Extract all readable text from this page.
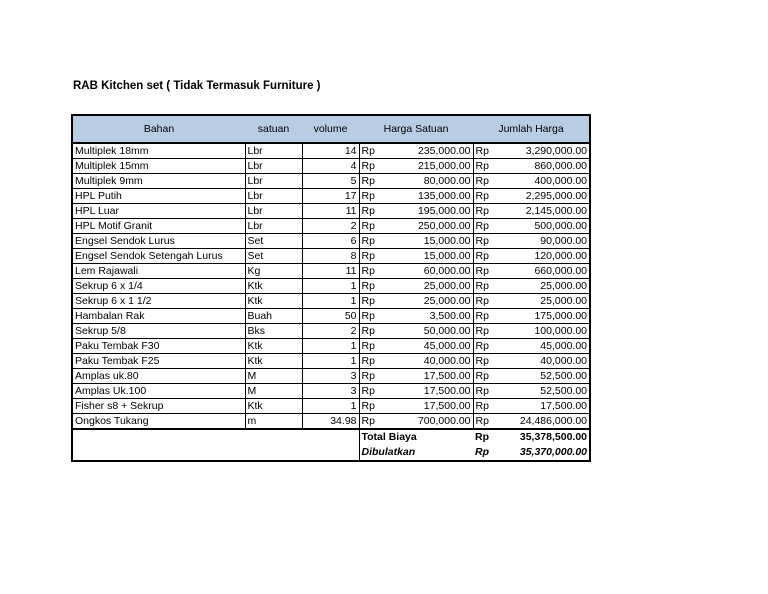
RAB Kitchen set ( Tidak Termasuk Furniture )
Bahan	satuan	volume	Harga Satuan		Jumlah Harga	
Multiplek 18mm	Lbr	14	Rp	235,000.00	Rp	3,290,000.00
Multiplek 15mm	Lbr	4	Rp	215,000.00	Rp	860,000.00
Multiplek 9mm	Lbr	5	Rp	80,000.00	Rp	400,000.00
HPL Putih	Lbr	17	Rp	135,000.00	Rp	2,295,000.00
HPL Luar	Lbr	11	Rp	195,000.00	Rp	2,145,000.00
HPL Motif Granit	Lbr	2	Rp	250,000.00	Rp	500,000.00
Engsel Sendok Lurus	Set	6	Rp	15,000.00	Rp	90,000.00
Engsel Sendok Setengah Lurus	Set	8	Rp	15,000.00	Rp	120,000.00
Lem Rajawali	Kg	11	Rp	60,000.00	Rp	660,000.00
Sekrup 6 x 1/4	Ktk	1	Rp	25,000.00	Rp	25,000.00
Sekrup 6 x 1 1/2	Ktk	1	Rp	25,000.00	Rp	25,000.00
Hambalan Rak	Buah	50	Rp	3,500.00	Rp	175,000.00
Sekrup 5/8	Bks	2	Rp	50,000.00	Rp	100,000.00
Paku Tembak F30	Ktk	1	Rp	45,000.00	Rp	45,000.00
Paku Tembak F25	Ktk	1	Rp	40,000.00	Rp	40,000.00
Amplas uk.80	M	3	Rp	17,500.00	Rp	52,500.00
Amplas Uk.100	M	3	Rp	17,500.00	Rp	52,500.00
Fisher s8 + Sekrup	Ktk	1	Rp	17,500.00	Rp	17,500.00
Ongkos Tukang	m	34.98	Rp	700,000.00	Rp	24,486,000.00
			Total Biaya		Rp	35,378,500.00
			Dibulatkan		Rp	35,370,000.00
